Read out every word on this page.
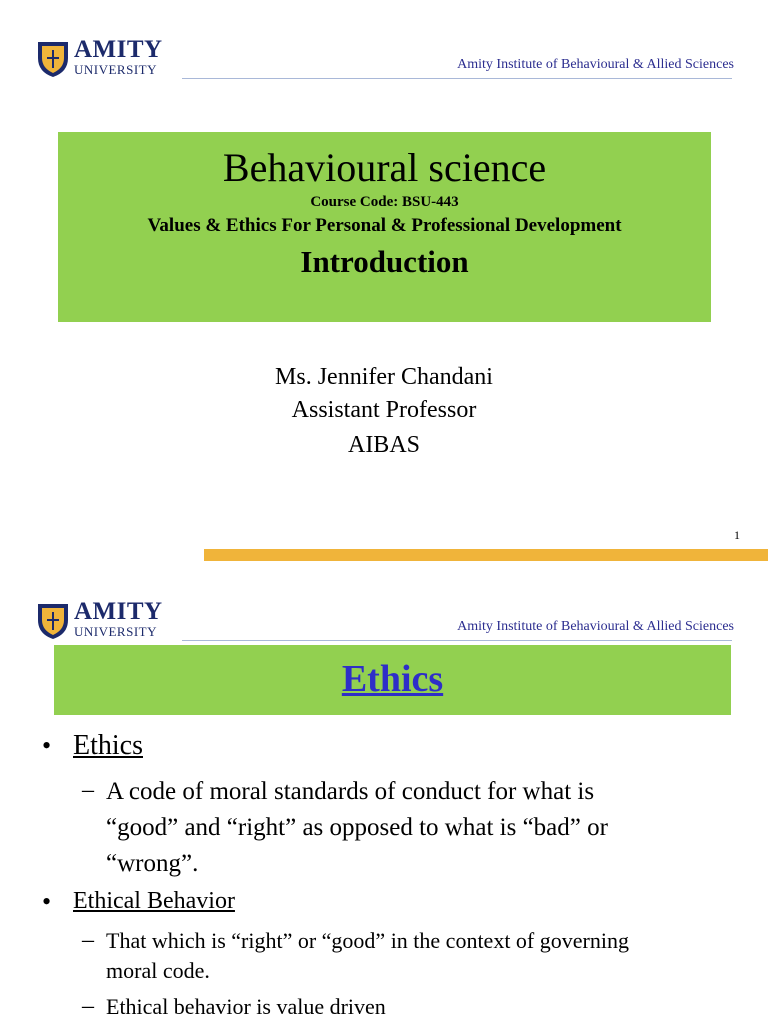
AMITY
UNIVERSITY	Amity Institute of Behavioural & Allied Sciences
Behavioural science
Course Code: BSU-443
Values & Ethics For Personal & Professional Development
Introduction
Ms. Jennifer Chandani
Assistant Professor
AIBAS
1
AMITY
UNIVERSITY	Amity Institute of Behavioural & Allied Sciences
Ethics
• Ethics
– A code of moral standards of conduct for what is
“good” and “right” as opposed to what is “bad” or
“wrong”.
• Ethical Behavior
– That which is “right” or “good” in the context of governing
moral code.
– Ethical behavior is value driven
